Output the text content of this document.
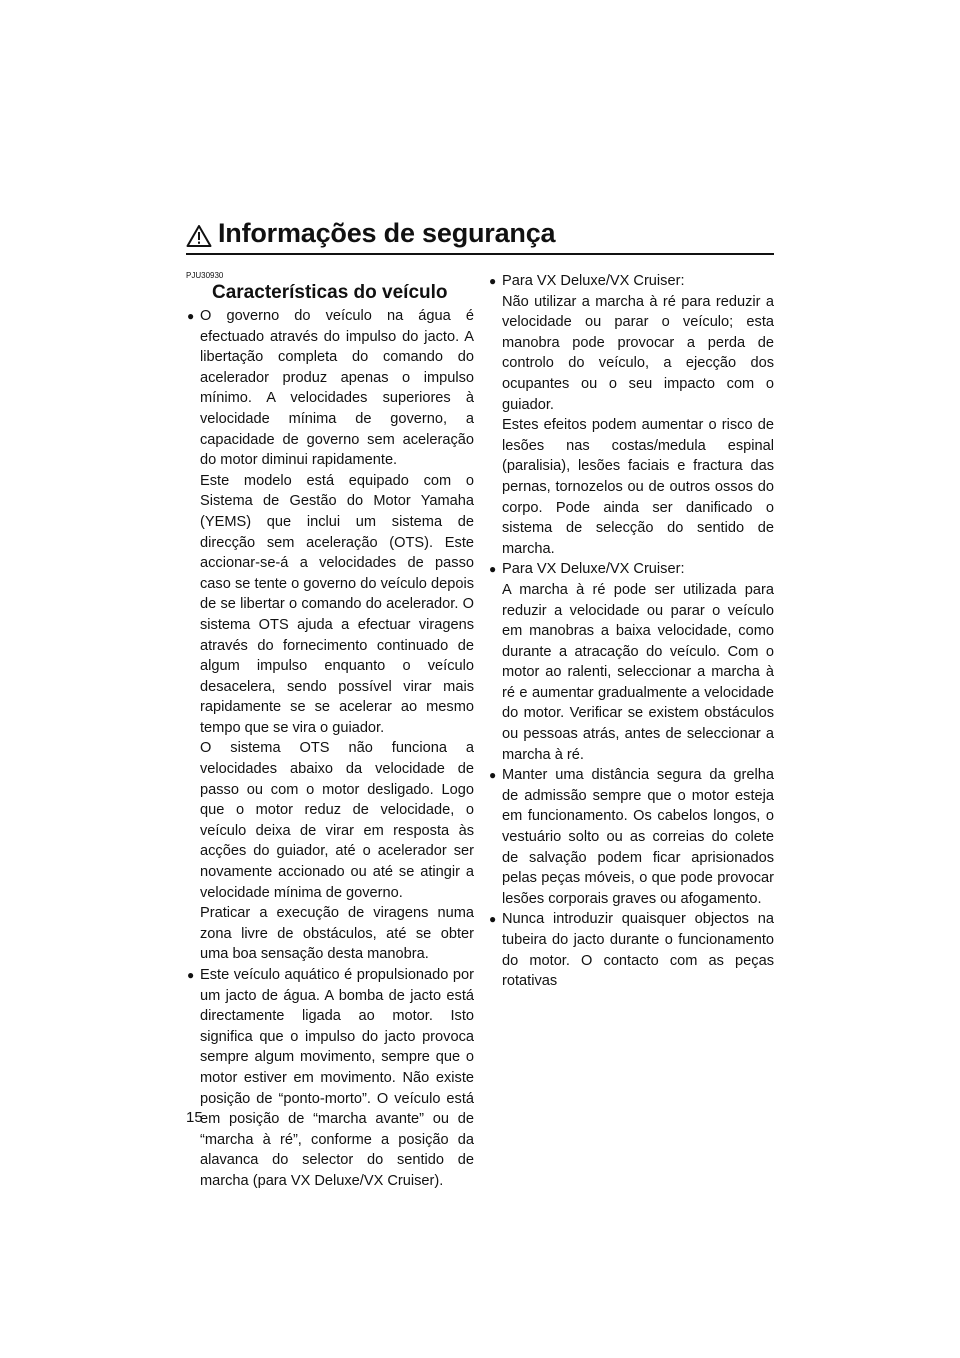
Informações de segurança
PJU30930
Características do veículo
● O governo do veículo na água é efectuado através do impulso do jacto. A libertação completa do comando do acelerador produz apenas o impulso mínimo. A velocidades superiores à velocidade mínima de governo, a capacidade de governo sem aceleração do motor diminui rapidamente.

Este modelo está equipado com o Sistema de Gestão do Motor Yamaha (YEMS) que inclui um sistema de direcção sem aceleração (OTS). Este accionar-se-á a velocidades de passo caso se tente o governo do veículo depois de se libertar o comando do acelerador. O sistema OTS ajuda a efectuar viragens através do fornecimento continuado de algum impulso enquanto o veículo desacelera, sendo possível virar mais rapidamente se se acelerar ao mesmo tempo que se vira o guiador.

O sistema OTS não funciona a velocidades abaixo da velocidade de passo ou com o motor desligado. Logo que o motor reduz de velocidade, o veículo deixa de virar em resposta às acções do guiador, até o acelerador ser novamente accionado ou até se atingir a velocidade mínima de governo.

Praticar a execução de viragens numa zona livre de obstáculos, até se obter uma boa sensação desta manobra.

● Este veículo aquático é propulsionado por um jacto de água. A bomba de jacto está directamente ligada ao motor. Isto significa que o impulso do jacto provoca sempre algum movimento, sempre que o motor estiver em movimento. Não existe posição de “ponto-morto”. O veículo está em posição de “marcha avante” ou de “marcha à ré”, conforme a posição da alavanca do selector do sentido de marcha (para VX Deluxe/VX Cruiser).

● Para VX Deluxe/VX Cruiser:

Não utilizar a marcha à ré para reduzir a velocidade ou parar o veículo; esta manobra pode provocar a perda de controlo do veículo, a ejecção dos ocupantes ou o seu impacto com o guiador.

Estes efeitos podem aumentar o risco de lesões nas costas/medula espinal (paralisia), lesões faciais e fractura das pernas, tornozelos ou de outros ossos do corpo. Pode ainda ser danificado o sistema de selecção do sentido de marcha.

● Para VX Deluxe/VX Cruiser:

A marcha à ré pode ser utilizada para reduzir a velocidade ou parar o veículo em manobras a baixa velocidade, como durante a atracação do veículo. Com o motor ao ralenti, seleccionar a marcha à ré e aumentar gradualmente a velocidade do motor. Verificar se existem obstáculos ou pessoas atrás, antes de seleccionar a marcha à ré.

● Manter uma distância segura da grelha de admissão sempre que o motor esteja em funcionamento. Os cabelos longos, o vestuário solto ou as correias do colete de salvação podem ficar aprisionados pelas peças móveis, o que pode provocar lesões corporais graves ou afogamento.

● Nunca introduzir quaisquer objectos na tubeira do jacto durante o funcionamento do motor. O contacto com as peças rotativas

15
